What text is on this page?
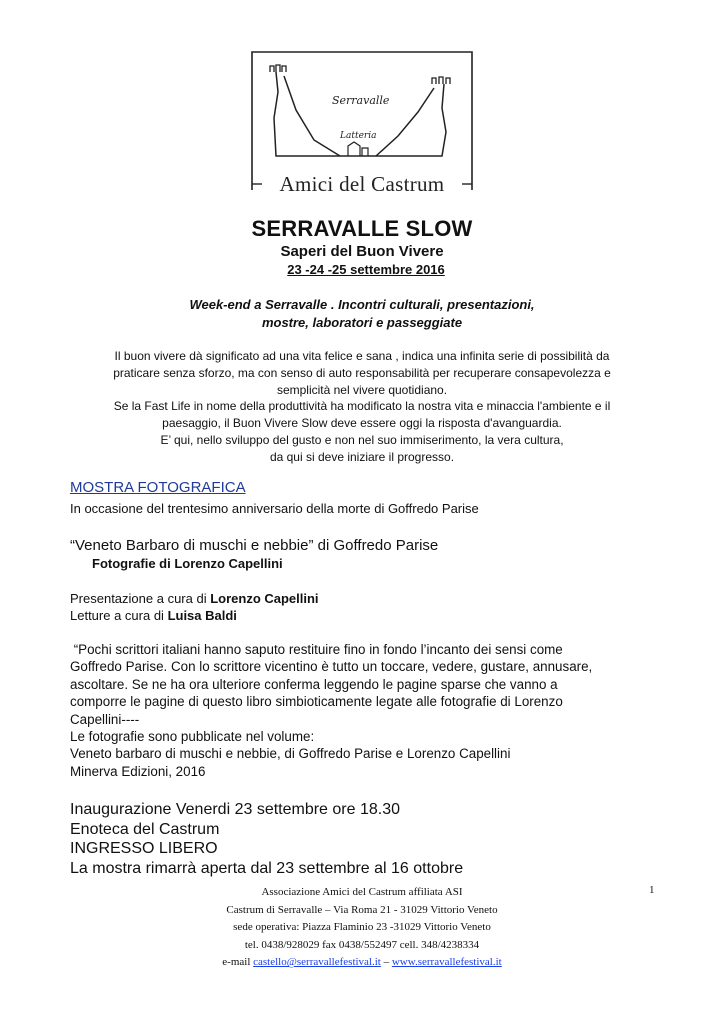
Serravalle
Latteria
Amici del Castrum
SERRAVALLE SLOW
Saperi del Buon Vivere
23 -24 -25 settembre 2016
Week-end a Serravalle . Incontri culturali, presentazioni,
mostre, laboratori e passeggiate
Il buon vivere dà significato ad una vita felice e sana , indica una infinita serie di possibilità da
praticare senza sforzo, ma con senso di auto responsabilità per recuperare consapevolezza e
semplicità nel vivere quotidiano.
Se la Fast Life in nome della produttività ha modificato la nostra vita e minaccia l'ambiente e il
paesaggio, il Buon Vivere Slow deve essere oggi la risposta d'avanguardia.
E’ qui, nello sviluppo del gusto e non nel suo immiserimento, la vera cultura,
da qui si deve iniziare il progresso.
MOSTRA FOTOGRAFICA
In occasione del trentesimo anniversario della morte di Goffredo Parise
“Veneto Barbaro di muschi e nebbie” di Goffredo Parise
Fotografie di Lorenzo Capellini
Presentazione a cura di Lorenzo Capellini
Letture a cura di Luisa Baldi
“Pochi scrittori italiani hanno saputo restituire fino in fondo l’incanto dei sensi come
Goffredo Parise. Con lo scrittore vicentino è tutto un toccare, vedere, gustare, annusare,
ascoltare. Se ne ha ora ulteriore conferma leggendo le pagine sparse che vanno a
comporre le pagine di questo libro simbioticamente legate alle fotografie di Lorenzo
Capellini----
Le fotografie sono pubblicate nel volume:
Veneto barbaro di muschi e nebbie, di Goffredo Parise e Lorenzo Capellini
Minerva Edizioni, 2016
Inaugurazione Venerdi 23 settembre ore 18.30
Enoteca del Castrum
INGRESSO LIBERO
La mostra rimarrà aperta dal 23 settembre al 16 ottobre
Associazione Amici del Castrum affiliata ASI
Castrum di Serravalle – Via Roma 21 - 31029 Vittorio Veneto
sede operativa: Piazza Flaminio 23 -31029 Vittorio Veneto
tel. 0438/928029 fax 0438/552497 cell. 348/4238334
e-mail castello@serravallefestival.it – www.serravallefestival.it
1
